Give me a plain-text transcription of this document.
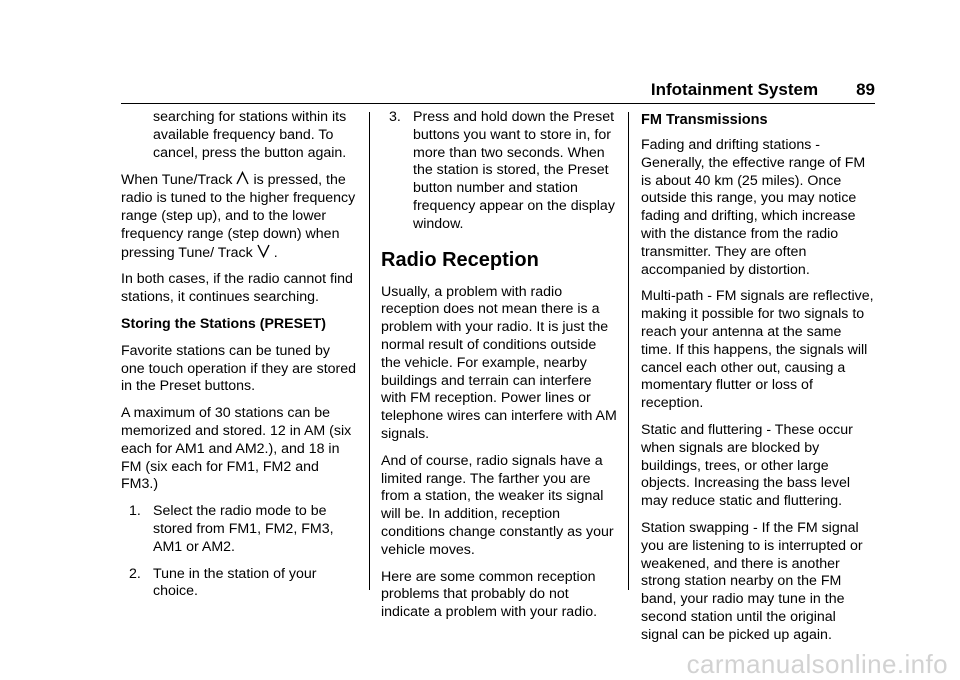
Infotainment System 89

searching for stations within its available frequency band. To cancel, press the button again.

When Tune/Track is pressed, the radio is tuned to the higher frequency range (step up), and to the lower frequency range (step down) when pressing Tune/ Track .

In both cases, if the radio cannot find stations, it continues searching.

Storing the Stations (PRESET)

Favorite stations can be tuned by one touch operation if they are stored in the Preset buttons.

A maximum of 30 stations can be memorized and stored. 12 in AM (six each for AM1 and AM2.), and 18 in FM (six each for FM1, FM2 and FM3.)

1. Select the radio mode to be stored from FM1, FM2, FM3, AM1 or AM2.
2. Tune in the station of your choice.
3. Press and hold down the Preset buttons you want to store in, for more than two seconds. When the station is stored, the Preset button number and station frequency appear on the display window.
Radio Reception

Usually, a problem with radio reception does not mean there is a problem with your radio. It is just the normal result of conditions outside the vehicle. For example, nearby buildings and terrain can interfere with FM reception. Power lines or telephone wires can interfere with AM signals.

And of course, radio signals have a limited range. The farther you are from a station, the weaker its signal will be. In addition, reception conditions change constantly as your vehicle moves.

Here are some common reception problems that probably do not indicate a problem with your radio.

FM Transmissions

Fading and drifting stations - Generally, the effective range of FM is about 40 km (25 miles). Once outside this range, you may notice fading and drifting, which increase with the distance from the radio transmitter. They are often accompanied by distortion.

Multi-path - FM signals are reflective, making it possible for two signals to reach your antenna at the same time. If this happens, the signals will cancel each other out, causing a momentary flutter or loss of reception.

Static and fluttering - These occur when signals are blocked by buildings, trees, or other large objects. Increasing the bass level may reduce static and fluttering.

Station swapping - If the FM signal you are listening to is interrupted or weakened, and there is another strong station nearby on the FM band, your radio may tune in the second station until the original signal can be picked up again.

carmanualsonline.info
